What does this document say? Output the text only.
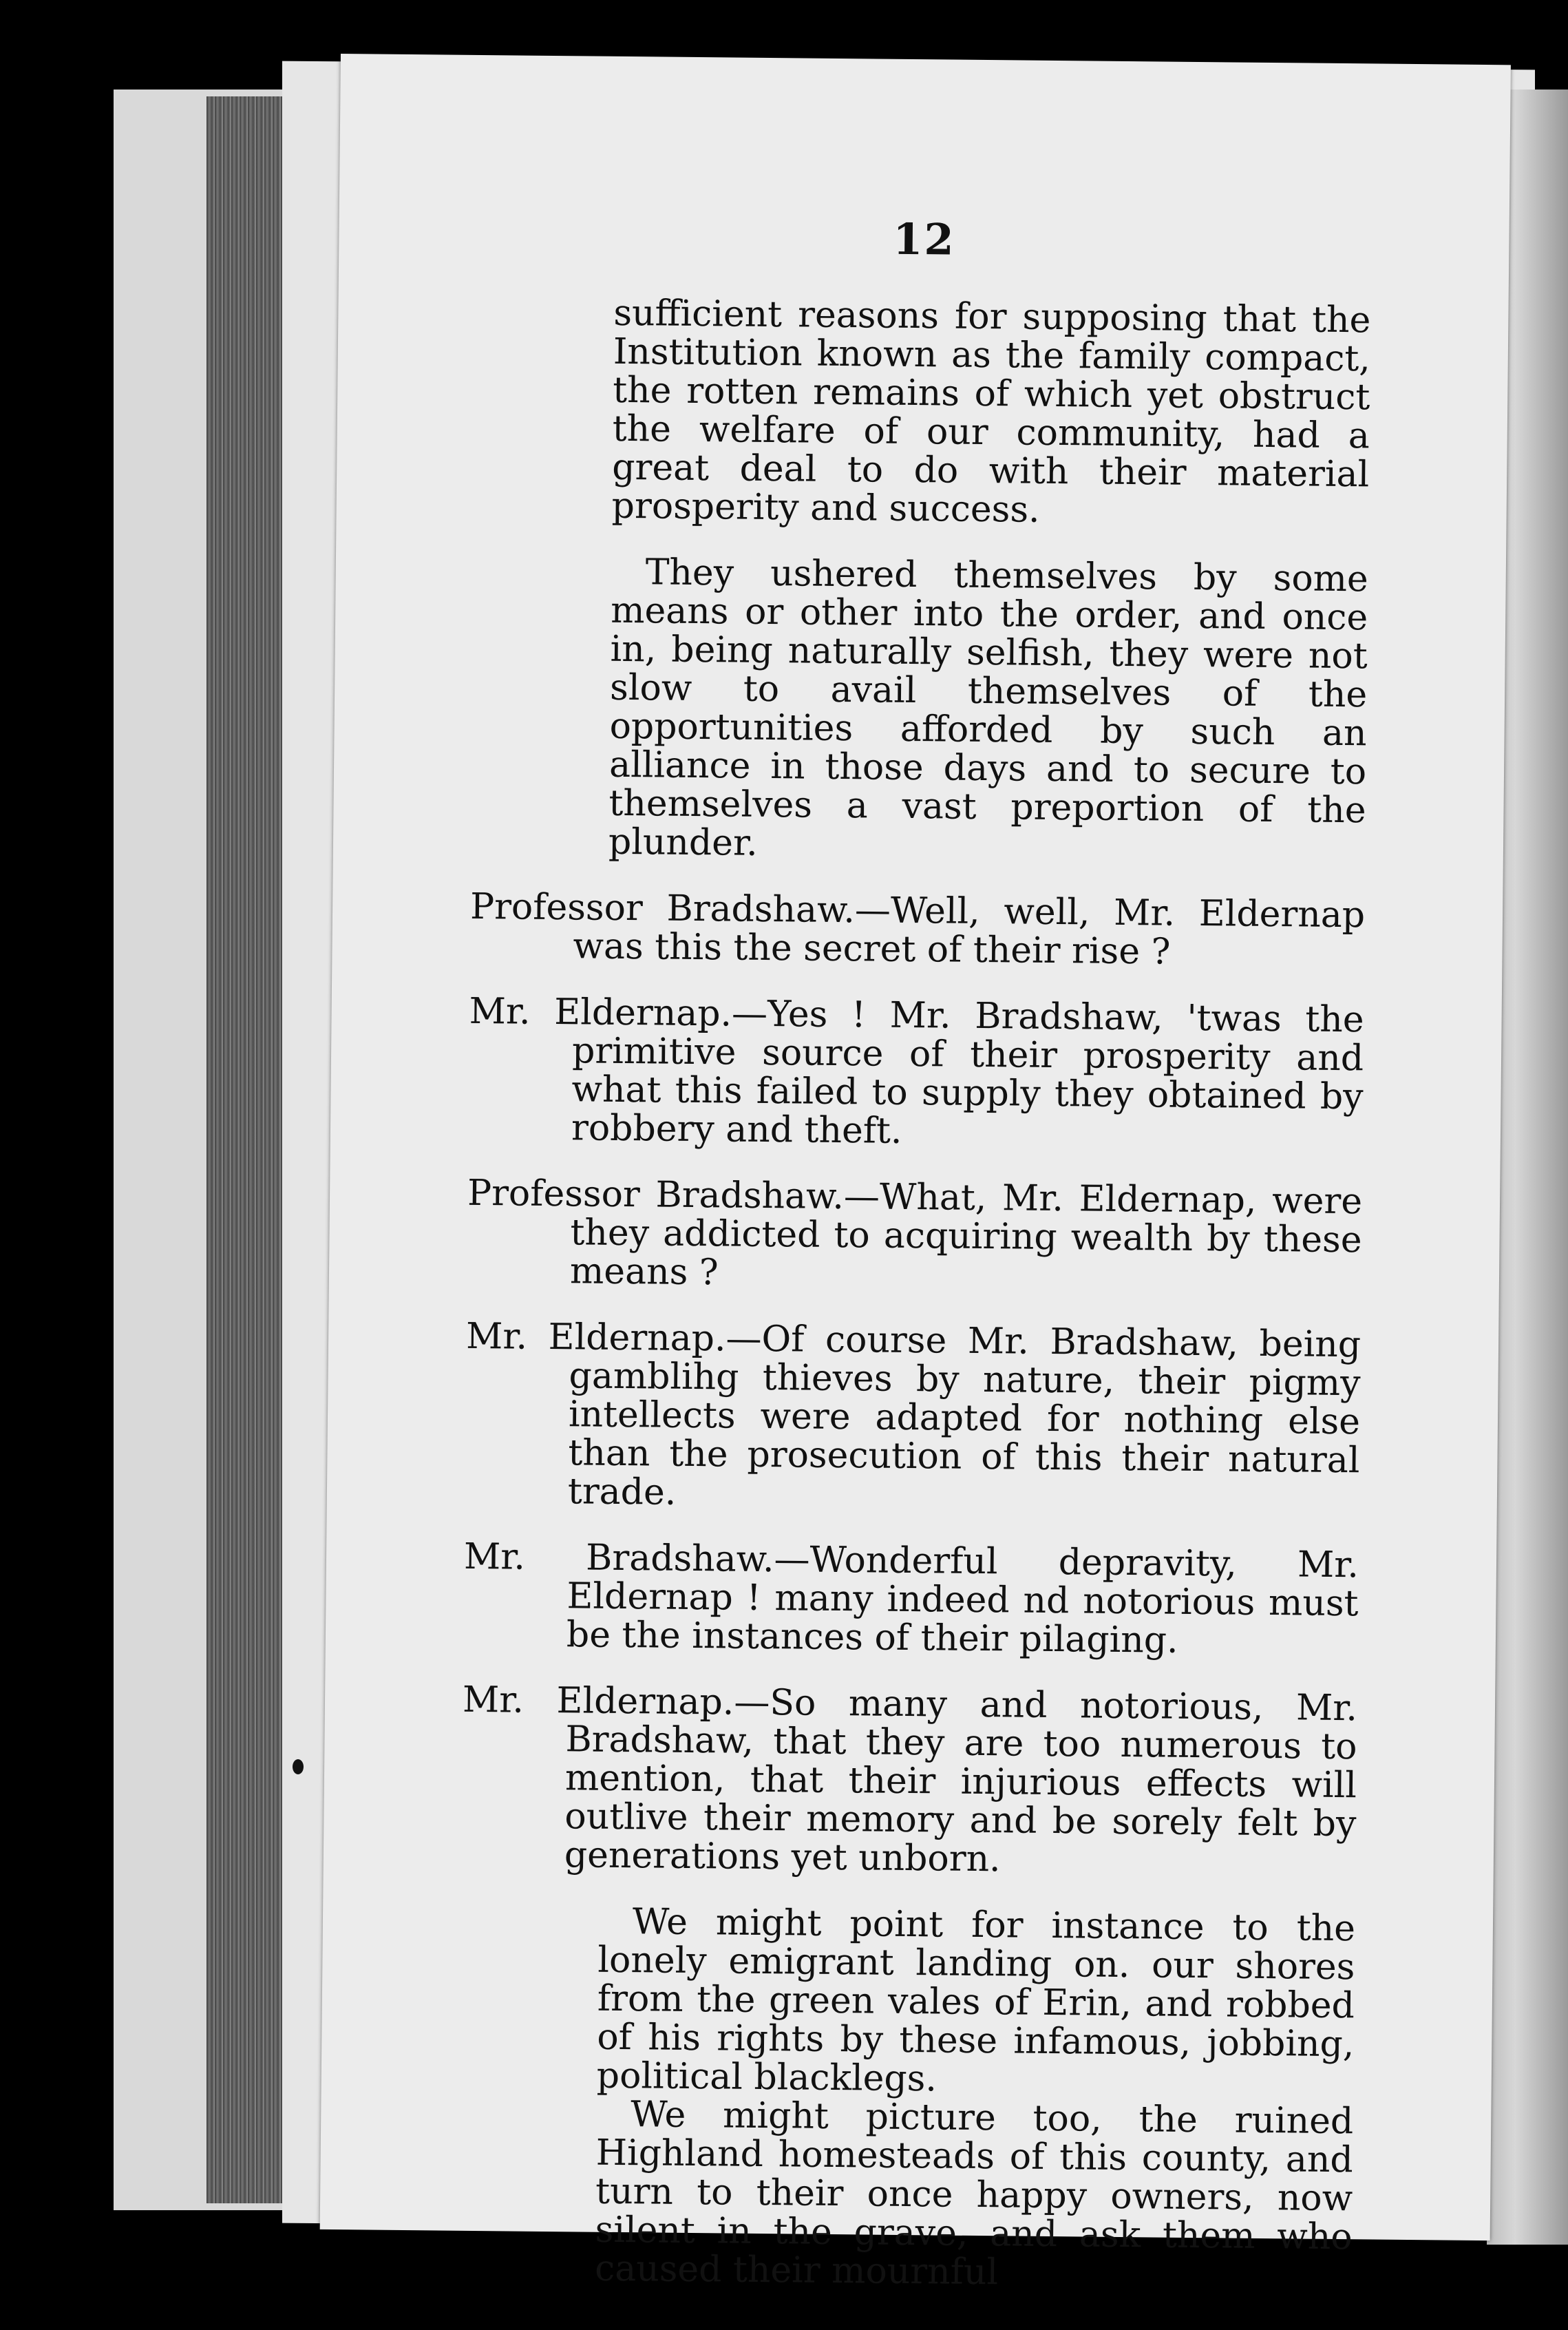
12

sufficient reasons for supposing that the Institution known as the family compact, the rotten remains of which yet obstruct the welfare of our community, had a great deal to do with their material prosperity and success.

They ushered themselves by some means or other into the order, and once in, being naturally selfish, they were not slow to avail themselves of the opportunities afforded by such an alliance in those days and to secure to themselves a vast preportion of the plunder.

Professor Bradshaw.—Well, well, Mr. Eldernap was this the secret of their rise ?

Mr. Eldernap.—Yes ! Mr. Bradshaw, 'twas the primitive source of their prosperity and what this failed to supply they obtained by robbery and theft.

Professor Bradshaw.—What, Mr. Eldernap, were they addicted to acquiring wealth by these means ?

Mr. Eldernap.—Of course Mr. Bradshaw, being gamblihg thieves by nature, their pigmy intellects were adapted for nothing else than the prosecution of this their natural trade.

Mr. Bradshaw.—Wonderful depravity, Mr. Eldernap ! many indeed nd notorious must be the instances of their pilaging.

Mr. Eldernap.—So many and notorious, Mr. Bradshaw, that they are too numerous to mention, that their injurious effects will outlive their memory and be sorely felt by generations yet unborn.

We might point for instance to the lonely emigrant landing on. our shores from the green vales of Erin, and robbed of his rights by these infamous, jobbing, political blacklegs.

We might picture too, the ruined Highland homesteads of this county, and turn to their once happy owners, now silent in the grave, and ask them who caused their mournful
